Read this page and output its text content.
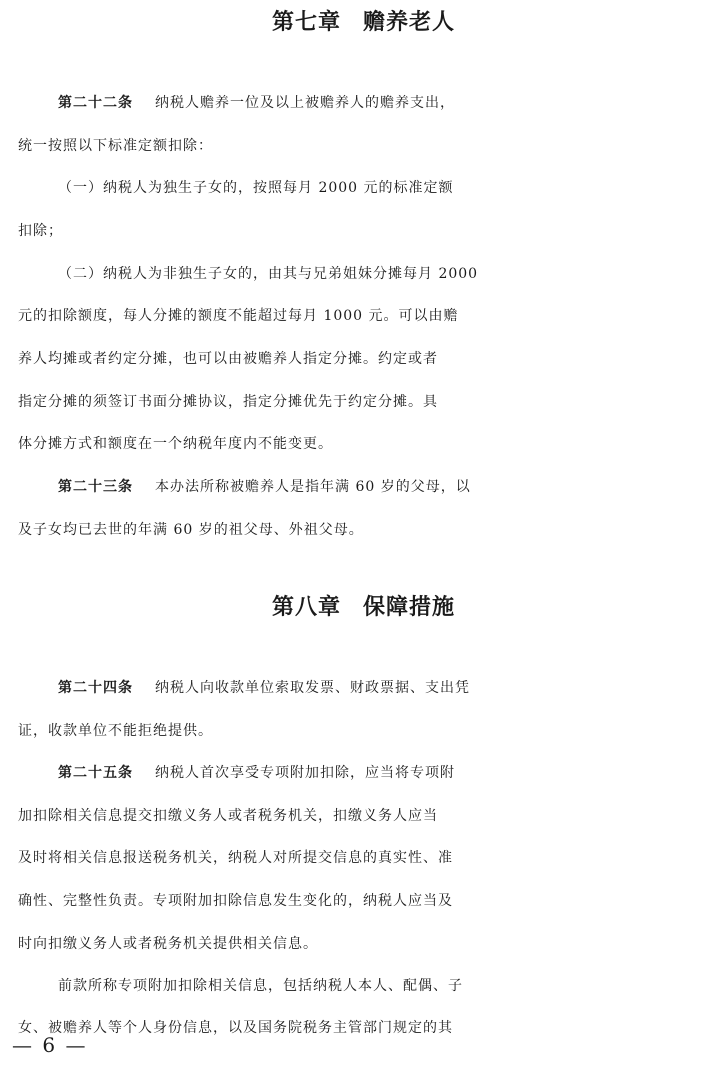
第七章 赡养老人
第二十二条 纳税人赡养一位及以上被赡养人的赡养支出，
统一按照以下标准定额扣除：
（一）纳税人为独生子女的，按照每月 2000 元的标准定额
扣除；
（二）纳税人为非独生子女的，由其与兄弟姐妹分摊每月 2000
元的扣除额度，每人分摊的额度不能超过每月 1000 元。可以由赡
养人均摊或者约定分摊，也可以由被赡养人指定分摊。约定或者
指定分摊的须签订书面分摊协议，指定分摊优先于约定分摊。具
体分摊方式和额度在一个纳税年度内不能变更。
第二十三条 本办法所称被赡养人是指年满 60 岁的父母，以
及子女均已去世的年满 60 岁的祖父母、外祖父母。
第八章 保障措施
第二十四条 纳税人向收款单位索取发票、财政票据、支出凭
证，收款单位不能拒绝提供。
第二十五条 纳税人首次享受专项附加扣除，应当将专项附
加扣除相关信息提交扣缴义务人或者税务机关，扣缴义务人应当
及时将相关信息报送税务机关，纳税人对所提交信息的真实性、准
确性、完整性负责。专项附加扣除信息发生变化的，纳税人应当及
时向扣缴义务人或者税务机关提供相关信息。
前款所称专项附加扣除相关信息，包括纳税人本人、配偶、子
女、被赡养人等个人身份信息，以及国务院税务主管部门规定的其
— 6 —
